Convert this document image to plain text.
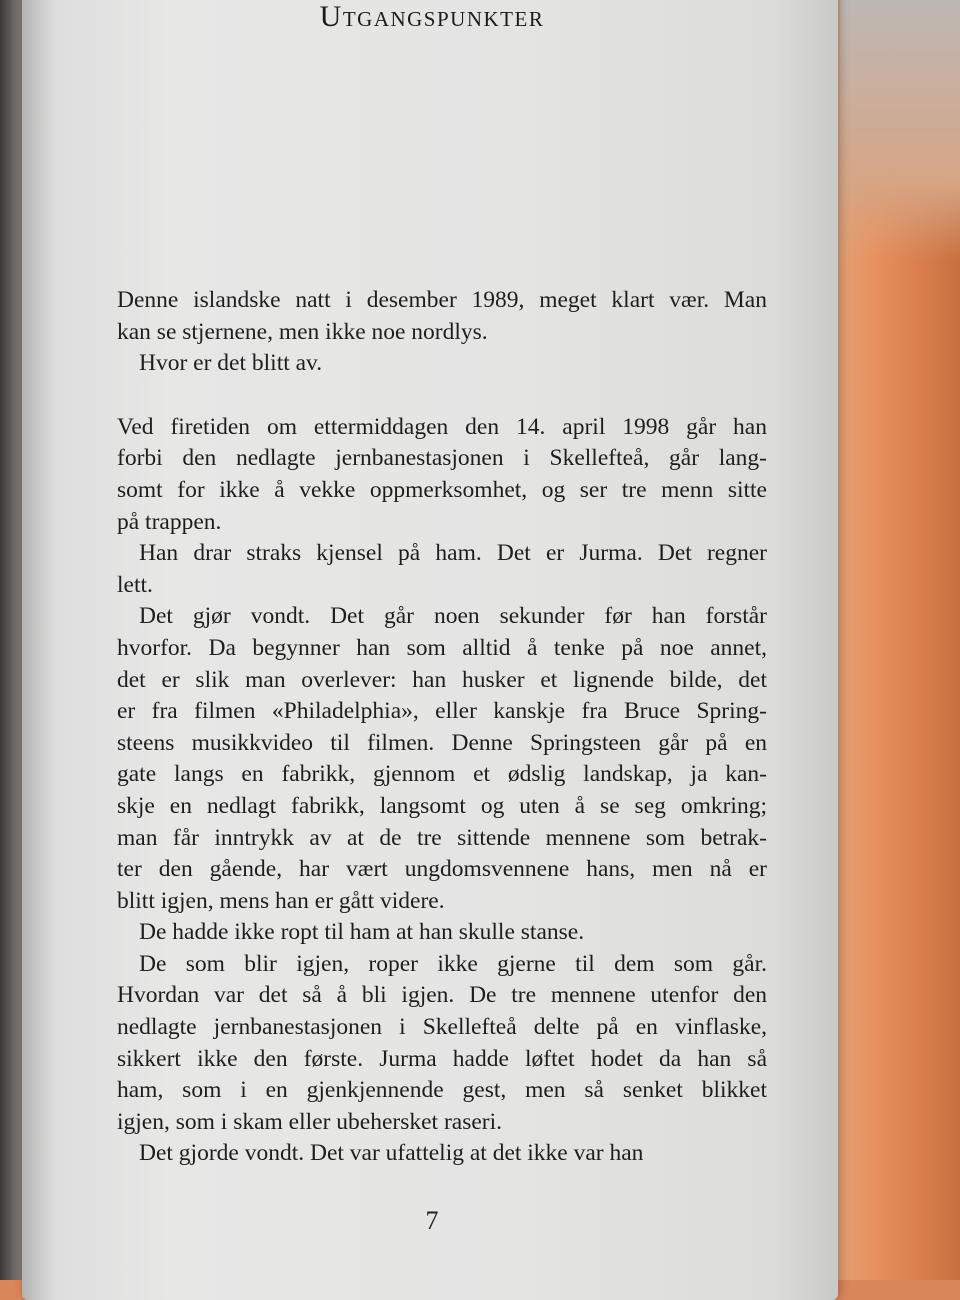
Utgangspunkter
Denne islandske natt i desember 1989, meget klart vær. Man
kan se stjernene, men ikke noe nordlys.
Hvor er det blitt av.
Ved firetiden om ettermiddagen den 14. april 1998 går han
forbi den nedlagte jernbanestasjonen i Skellefteå, går lang-
somt for ikke å vekke oppmerksomhet, og ser tre menn sitte
på trappen.
Han drar straks kjensel på ham. Det er Jurma. Det regner
lett.
Det gjør vondt. Det går noen sekunder før han forstår
hvorfor. Da begynner han som alltid å tenke på noe annet,
det er slik man overlever: han husker et lignende bilde, det
er fra filmen «Philadelphia», eller kanskje fra Bruce Spring-
steens musikkvideo til filmen. Denne Springsteen går på en
gate langs en fabrikk, gjennom et ødslig landskap, ja kan-
skje en nedlagt fabrikk, langsomt og uten å se seg omkring;
man får inntrykk av at de tre sittende mennene som betrak-
ter den gående, har vært ungdomsvennene hans, men nå er
blitt igjen, mens han er gått videre.
De hadde ikke ropt til ham at han skulle stanse.
De som blir igjen, roper ikke gjerne til dem som går.
Hvordan var det så å bli igjen. De tre mennene utenfor den
nedlagte jernbanestasjonen i Skellefteå delte på en vinflaske,
sikkert ikke den første. Jurma hadde løftet hodet da han så
ham, som i en gjenkjennende gest, men så senket blikket
igjen, som i skam eller ubehersket raseri.
Det gjorde vondt. Det var ufattelig at det ikke var han
7
